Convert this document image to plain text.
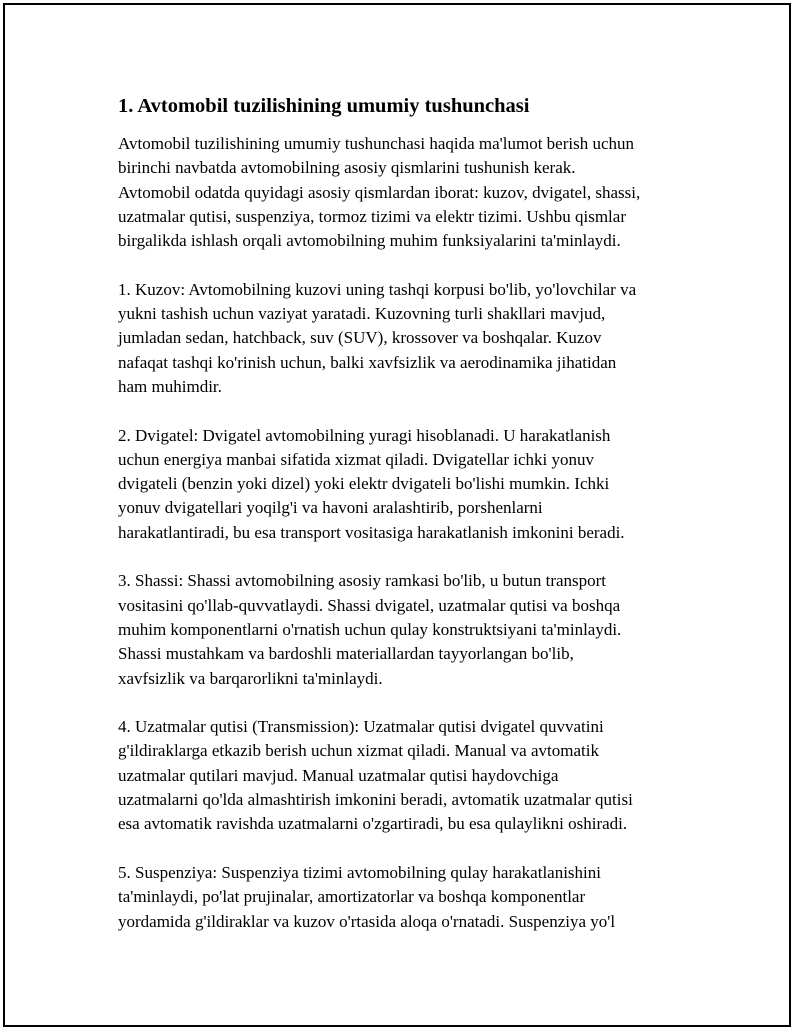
1. Avtomobil tuzilishining umumiy tushunchasi

Avtomobil tuzilishining umumiy tushunchasi haqida ma'lumot berish uchun
birinchi navbatda avtomobilning asosiy qismlarini tushunish kerak.
Avtomobil odatda quyidagi asosiy qismlardan iborat: kuzov, dvigatel, shassi,
uzatmalar qutisi, suspenziya, tormoz tizimi va elektr tizimi. Ushbu qismlar
birgalikda ishlash orqali avtomobilning muhim funksiyalarini ta'minlaydi.

1. Kuzov: Avtomobilning kuzovi uning tashqi korpusi bo'lib, yo'lovchilar va
yukni tashish uchun vaziyat yaratadi. Kuzovning turli shakllari mavjud,
jumladan sedan, hatchback, suv (SUV), krossover va boshqalar. Kuzov
nafaqat tashqi ko'rinish uchun, balki xavfsizlik va aerodinamika jihatidan
ham muhimdir.

2. Dvigatel: Dvigatel avtomobilning yuragi hisoblanadi. U harakatlanish
uchun energiya manbai sifatida xizmat qiladi. Dvigatellar ichki yonuv
dvigateli (benzin yoki dizel) yoki elektr dvigateli bo'lishi mumkin. Ichki
yonuv dvigatellari yoqilg'i va havoni aralashtirib, porshenlarni
harakatlantiradi, bu esa transport vositasiga harakatlanish imkonini beradi.

3. Shassi: Shassi avtomobilning asosiy ramkasi bo'lib, u butun transport
vositasini qo'llab-quvvatlaydi. Shassi dvigatel, uzatmalar qutisi va boshqa
muhim komponentlarni o'rnatish uchun qulay konstruktsiyani ta'minlaydi.
Shassi mustahkam va bardoshli materiallardan tayyorlangan bo'lib,
xavfsizlik va barqarorlikni ta'minlaydi.

4. Uzatmalar qutisi (Transmission): Uzatmalar qutisi dvigatel quvvatini
g'ildiraklarga etkazib berish uchun xizmat qiladi. Manual va avtomatik
uzatmalar qutilari mavjud. Manual uzatmalar qutisi haydovchiga
uzatmalarni qo'lda almashtirish imkonini beradi, avtomatik uzatmalar qutisi
esa avtomatik ravishda uzatmalarni o'zgartiradi, bu esa qulaylikni oshiradi.

5. Suspenziya: Suspenziya tizimi avtomobilning qulay harakatlanishini
ta'minlaydi, po'lat prujinalar, amortizatorlar va boshqa komponentlar
yordamida g'ildiraklar va kuzov o'rtasida aloqa o'rnatadi. Suspenziya yo'l
